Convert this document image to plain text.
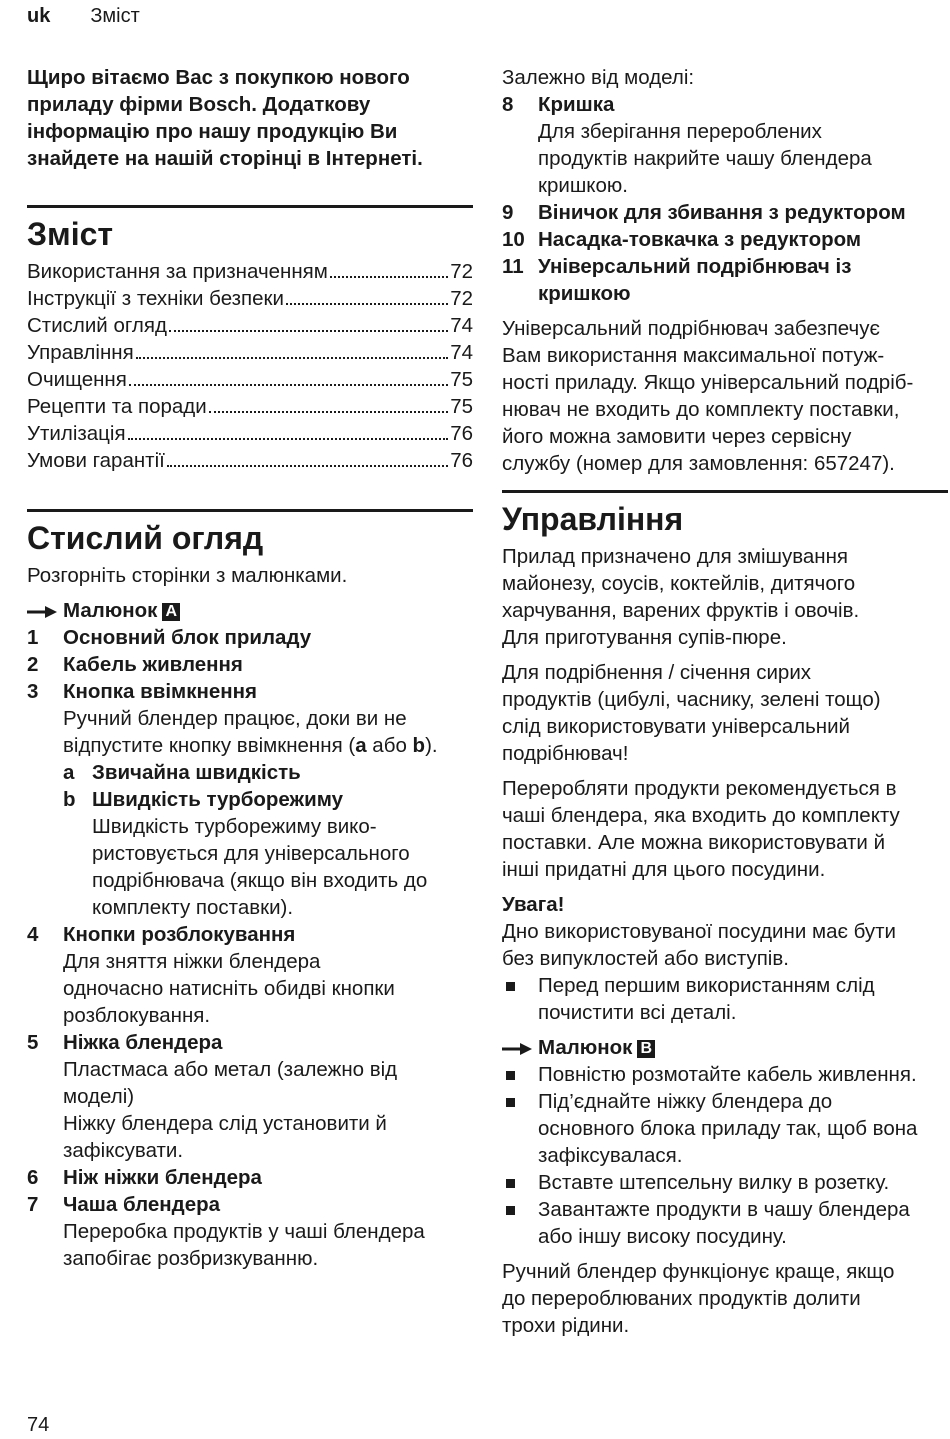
uk Зміст

Щиро вітаємо Вас з покупкою нового
приладу фірми Bosch. Додаткову
інформацію про нашу продукцію Ви
знайдете на нашій сторінці в Інтернеті.

Зміст
Використання за призначенням	72
Інструкції з техніки безпеки	72
Стислий огляд	74
Управління	74
Очищення	75
Рецепти та поради	75
Утилізація	76
Умови гарантії	76
Стислий огляд

Розгорніть сторінки з малюнками.

Малюнок A
1 Основний блок приладу
2 Кабель живлення
3 Кнопка ввімкнення
Ручний блендер працює, доки ви не
відпустите кнопку ввімкнення (a або b).
a Звичайна швидкість
b Швидкість турборежиму
Швидкість турборежиму вико-
ристовується для універсального
подрібнювача (якщо він входить до
комплекту поставки).
4 Кнопки розблокування
Для зняття ніжки блендера
одночасно натисніть обидві кнопки
розблокування.
5 Ніжка блендера
Пластмаса або метал (залежно від
моделі)
Ніжку блендера слід установити й
зафіксувати.
6 Ніж ніжки блендера
7 Чаша блендера
Переробка продуктів у чаші блендера
запобігає розбризкуванню.
Залежно від моделі:
8 Кришка
Для зберігання перероблених
продуктів накрийте чашу блендера
кришкою.
9 Віничок для збивання з редуктором
10 Насадка-товкачка з редуктором
11 Універсальний подрібнювач із
кришкою

Універсальний подрібнювач забезпечує
Вам використання максимальної потуж-
ності приладу. Якщо універсальний подріб-
нювач не входить до комплекту поставки,
його можна замовити через сервісну
службу (номер для замовлення: 657247).

Управління

Прилад призначено для змішування
майонезу, соусів, коктейлів, дитячого
харчування, варених фруктів і овочів.
Для приготування супів-пюре.

Для подрібнення / січення сирих
продуктів (цибулі, часнику, зелені тощо)
слід використовувати універсальний
подрібнювач!

Переробляти продукти рекомендується в
чаші блендера, яка входить до комплекту
поставки. Але можна використовувати й
інші придатні для цього посудини.

Увага!
Дно використовуваної посудини має бути
без випуклостей або виступів.
Перед першим використанням слід
почистити всі деталі.
Малюнок B
Повністю розмотайте кабель живлення.
Під’єднайте ніжку блендера до
основного блока приладу так, щоб вона
зафіксувалася.
Вставте штепсельну вилку в розетку.
Завантажте продукти в чашу блендера
або іншу високу посудину.

Ручний блендер функціонує краще, якщо
до перероблюваних продуктів долити
трохи рідини.

74
